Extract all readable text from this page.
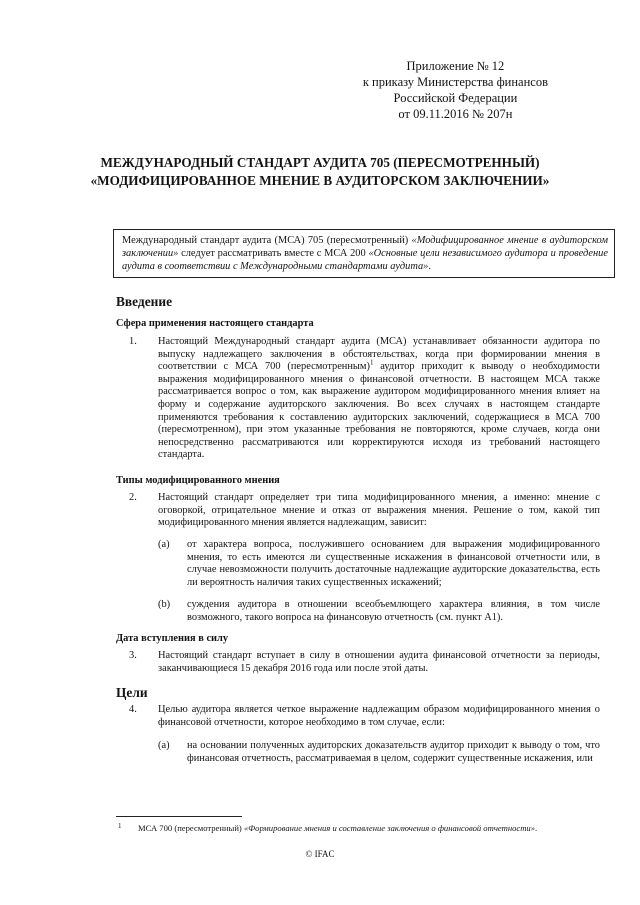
Приложение № 12
к приказу Министерства финансов
Российской Федерации
от 09.11.2016 № 207н
МЕЖДУНАРОДНЫЙ СТАНДАРТ АУДИТА 705 (ПЕРЕСМОТРЕННЫЙ)
«МОДИФИЦИРОВАННОЕ МНЕНИЕ В АУДИТОРСКОМ ЗАКЛЮЧЕНИИ»
Международный стандарт аудита (МСА) 705 (пересмотренный) «Модифицированное мнение в аудиторском заключении» следует рассматривать вместе с МСА 200 «Основные цели независимого аудитора и проведение аудита в соответствии с Международными стандартами аудита».
Введение
Сфера применения настоящего стандарта
1. Настоящий Международный стандарт аудита (МСА) устанавливает обязанности аудитора по выпуску надлежащего заключения в обстоятельствах, когда при формировании мнения в соответствии с МСА 700 (пересмотренным)$^1$ аудитор приходит к выводу о необходимости выражения модифицированного мнения о финансовой отчетности. В настоящем МСА также рассматривается вопрос о том, как выражение аудитором модифицированного мнения влияет на форму и содержание аудиторского заключения. Во всех случаях в настоящем стандарте применяются требования к составлению аудиторских заключений, содержащиеся в МСА 700 (пересмотренном), при этом указанные требования не повторяются, кроме случаев, когда они непосредственно рассматриваются или корректируются исходя из требований настоящего стандарта.
Типы модифицированного мнения
2. Настоящий стандарт определяет три типа модифицированного мнения, а именно: мнение с оговоркой, отрицательное мнение и отказ от выражения мнения. Решение о том, какой тип модифицированного мнения является надлежащим, зависит:
(a) от характера вопроса, послужившего основанием для выражения модифицированного мнения, то есть имеются ли существенные искажения в финансовой отчетности или, в случае невозможности получить достаточные надлежащие аудиторские доказательства, есть ли вероятность наличия таких существенных искажений;
(b) суждения аудитора в отношении всеобъемлющего характера влияния, в том числе возможного, такого вопроса на финансовую отчетность (см. пункт А1).
Дата вступления в силу
3. Настоящий стандарт вступает в силу в отношении аудита финансовой отчетности за периоды, заканчивающиеся 15 декабря 2016 года или после этой даты.
Цели
4. Целью аудитора является четкое выражение надлежащим образом модифицированного мнения о финансовой отчетности, которое необходимо в том случае, если:
(a) на основании полученных аудиторских доказательств аудитор приходит к выводу о том, что финансовая отчетность, рассматриваемая в целом, содержит существенные искажения, или
1 МСА 700 (пересмотренный) «Формирование мнения и составление заключения о финансовой отчетности».
© IFAC
